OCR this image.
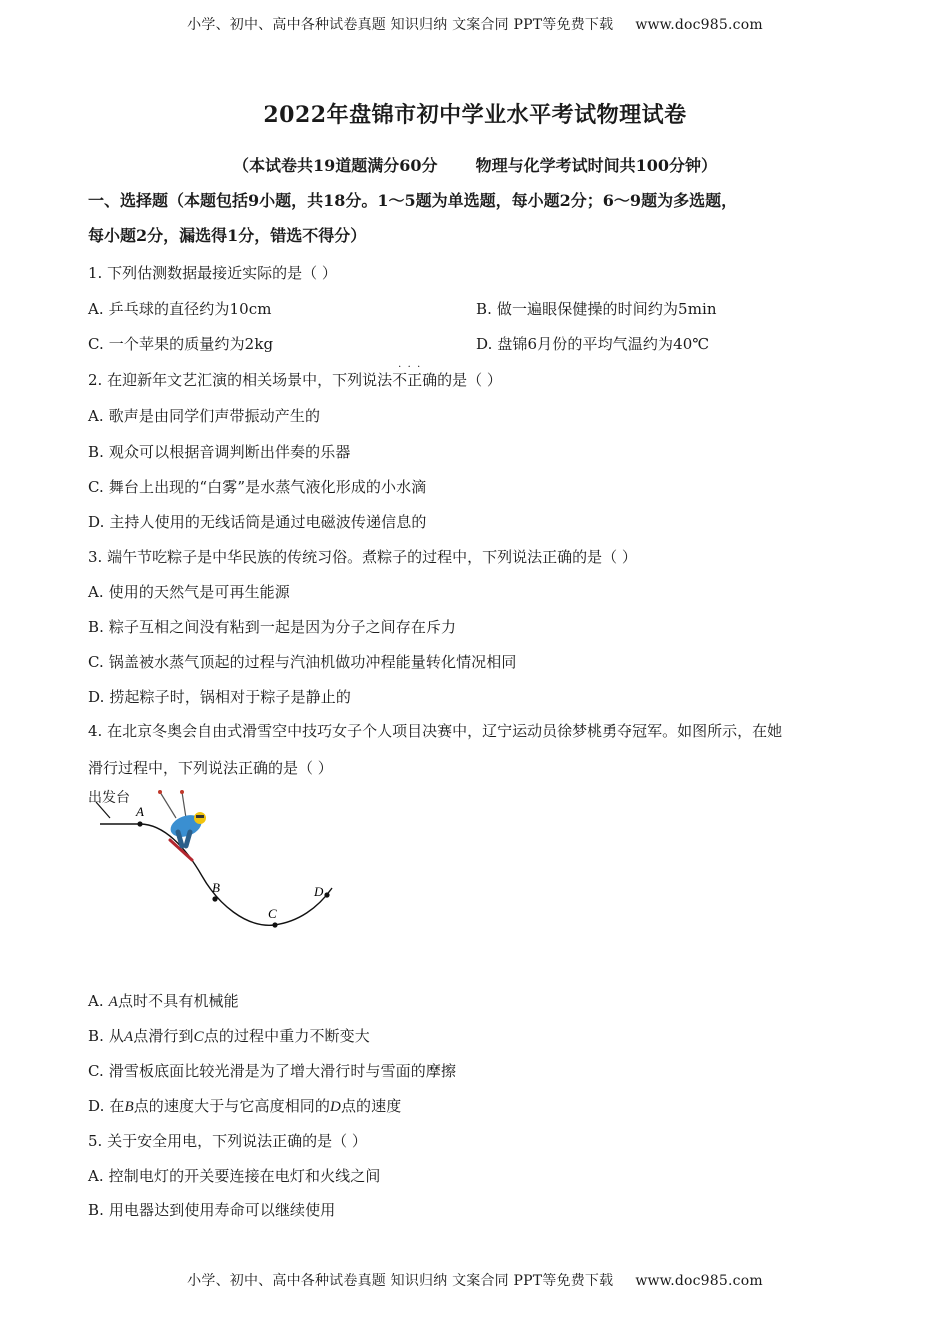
小学、初中、高中各种试卷真题 知识归纳 文案合同 PPT等免费下载 www.doc985.com
2022年盘锦市初中学业水平考试物理试卷
（本试卷共19道题满分60分 物理与化学考试时间共100分钟）
一、选择题（本题包括9小题，共18分。1～5题为单选题，每小题2分；6～9题为多选题，
每小题2分，漏选得1分，错选不得分）
1. 下列估测数据最接近实际的是（ ）
A. 乒乓球的直径约为10cm	B. 做一遍眼保健操的时间约为5min
C. 一个苹果的质量约为2kg	D. 盘锦6月份的平均气温约为40℃
2. 在迎新年文艺汇演的相关场景中，下列说法
·  ·  ·
不正确的是（ ）
A. 歌声是由同学们声带振动产生的
B. 观众可以根据音调判断出伴奏的乐器
C. 舞台上出现的“白雾”是水蒸气液化形成的小水滴
D. 主持人使用的无线话筒是通过电磁波传递信息的
3. 端午节吃粽子是中华民族的传统习俗。煮粽子的过程中，下列说法正确的是（ ）
A. 使用的天然气是可再生能源
B. 粽子互相之间没有粘到一起是因为分子之间存在斥力
C. 锅盖被水蒸气顶起的过程与汽油机做功冲程能量转化情况相同
D. 捞起粽子时，锅相对于粽子是静止的
4. 在北京冬奥会自由式滑雪空中技巧女子个人项目决赛中，辽宁运动员徐梦桃勇夺冠军。如图所示，在她
滑行过程中，下列说法正确的是（ ）
出发台
A
B
C
D
A. A点时不具有机械能
B. 从A点滑行到C点的过程中重力不断变大
C. 滑雪板底面比较光滑是为了增大滑行时与雪面的摩擦
D. 在B点的速度大于与它高度相同的D点的速度
5. 关于安全用电，下列说法正确的是（ ）
A. 控制电灯的开关要连接在电灯和火线之间
B. 用电器达到使用寿命可以继续使用
小学、初中、高中各种试卷真题 知识归纳 文案合同 PPT等免费下载 www.doc985.com
